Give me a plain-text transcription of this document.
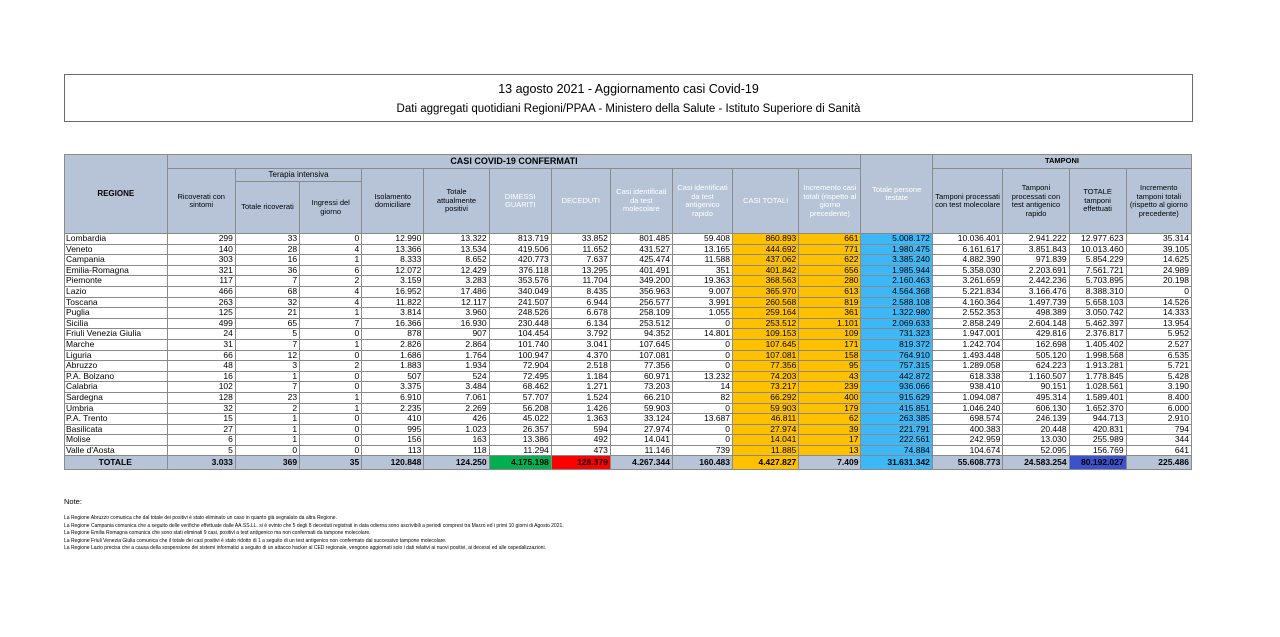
13 agosto 2021 - Aggiornamento casi Covid-19
Dati aggregati quotidiani Regioni/PPAA - Ministero della Salute - Istituto Superiore di Sanità
REGIONE	CASI COVID-19 CONFERMATI											Totale persone testate	TAMPONI			
	Ricoverati con sintomi	Terapia intensiva		Isolamento domiciliare	Totale attualmente positivi	DIMESSI GUARITI	DECEDUTI	Casi identificati da test molecolare	Casi identificati da test antigenico rapido	CASI TOTALI	Incremento casi totali (rispetto al giorno precedente)		Tamponi processati con test molecolare	Tamponi processati con test antigenico rapido	TOTALE tamponi effettuati	Incremento tamponi totali (rispetto al giorno precedente)
		Totale ricoverati	Ingressi del giorno													
Lombardia	299	33	0	12.990	13.322	813.719	33.852	801.485	59.408	860.893	661	5.008.172	10.036.401	2.941.222	12.977.623	35.314
Veneto	140	28	4	13.366	13.534	419.506	11.652	431.527	13.165	444.692	771	1.980.475	6.161.617	3.851.843	10.013.460	39.105
Campania	303	16	1	8.333	8.652	420.773	7.637	425.474	11.588	437.062	622	3.385.240	4.882.390	971.839	5.854.229	14.625
Emilia-Romagna	321	36	6	12.072	12.429	376.118	13.295	401.491	351	401.842	656	1.985.944	5.358.030	2.203.691	7.561.721	24.989
Piemonte	117	7	2	3.159	3.283	353.576	11.704	349.200	19.363	368.563	280	2.160.463	3.261.659	2.442.236	5.703.895	20.198
Lazio	466	68	4	16.952	17.486	340.049	8.435	356.963	9.007	365.970	613	4.564.368	5.221.834	3.166.476	8.388.310	0
Toscana	263	32	4	11.822	12.117	241.507	6.944	256.577	3.991	260.568	819	2.588.108	4.160.364	1.497.739	5.658.103	14.526
Puglia	125	21	1	3.814	3.960	248.526	6.678	258.109	1.055	259.164	361	1.322.980	2.552.353	498.389	3.050.742	14.333
Sicilia	499	65	7	16.366	16.930	230.448	6.134	253.512	0	253.512	1.101	2.069.633	2.858.249	2.604.148	5.462.397	13.954
Friuli Venezia Giulia	24	5	0	878	907	104.454	3.792	94.352	14.801	109.153	109	731.323	1.947.001	429.816	2.376.817	5.952
Marche	31	7	1	2.826	2.864	101.740	3.041	107.645	0	107.645	171	819.372	1.242.704	162.698	1.405.402	2.527
Liguria	66	12	0	1.686	1.764	100.947	4.370	107.081	0	107.081	158	764.910	1.493.448	505.120	1.998.568	6.535
Abruzzo	48	3	2	1.883	1.934	72.904	2.518	77.356	0	77.356	95	757.315	1.289.058	624.223	1.913.281	5.721
P.A. Bolzano	16	1	0	507	524	72.495	1.184	60.971	13.232	74.203	43	442.872	618.338	1.160.507	1.778.845	5.428
Calabria	102	7	0	3.375	3.484	68.462	1.271	73.203	14	73.217	239	936.066	938.410	90.151	1.028.561	3.190
Sardegna	128	23	1	6.910	7.061	57.707	1.524	66.210	82	66.292	400	915.629	1.094.087	495.314	1.589.401	8.400
Umbria	32	2	1	2.235	2.269	56.208	1.426	59.903	0	59.903	179	415.851	1.046.240	606.130	1.652.370	6.000
P.A. Trento	15	1	0	410	426	45.022	1.363	33.124	13.687	46.811	62	263.385	698.574	246.139	944.713	2.910
Basilicata	27	1	0	995	1.023	26.357	594	27.974	0	27.974	39	221.791	400.383	20.448	420.831	794
Molise	6	1	0	156	163	13.386	492	14.041	0	14.041	17	222.561	242.959	13.030	255.989	344
Valle d'Aosta	5	0	0	113	118	11.294	473	11.146	739	11.885	13	74.884	104.674	52.095	156.769	641
TOTALE	3.033	369	35	120.848	124.250	4.175.198	128.379	4.267.344	160.483	4.427.827	7.409	31.631.342	55.608.773	24.583.254	80.192.027	225.486
Note:
La Regione Abruzzo comunica che dal totale dei positivi è stato eliminato un caso in quanto già segnalato da altra Regione.
La Regione Campania comunica che a seguito delle verifiche effettuate dalle AA.SS.LL. si è evinto che 5 degli 8 deceduti registrati in data odierna sono ascrivibili a periodi compresi tra Marzo ed i primi 10 giorni di Agosto 2021.
La Regione Emilia Romagna comunica che sono stati eliminati 9 casi, positivi a test antigenico ma non confermati da tampone molecolare.
La Regione Friuli Venezia Giulia comunica che il totale dei casi positivi è stato ridotto di 1 a seguito di un test antigenico non confermato dal successivo tampone molecolare.
La Regione Lazio precisa che a causa della sospensione dei sistemi informatici a seguito di un attacco hacker al CED regionale, vengono aggiornati solo i dati relativi ai nuovi positivi, ai decessi ed alle ospedalizzazioni.
